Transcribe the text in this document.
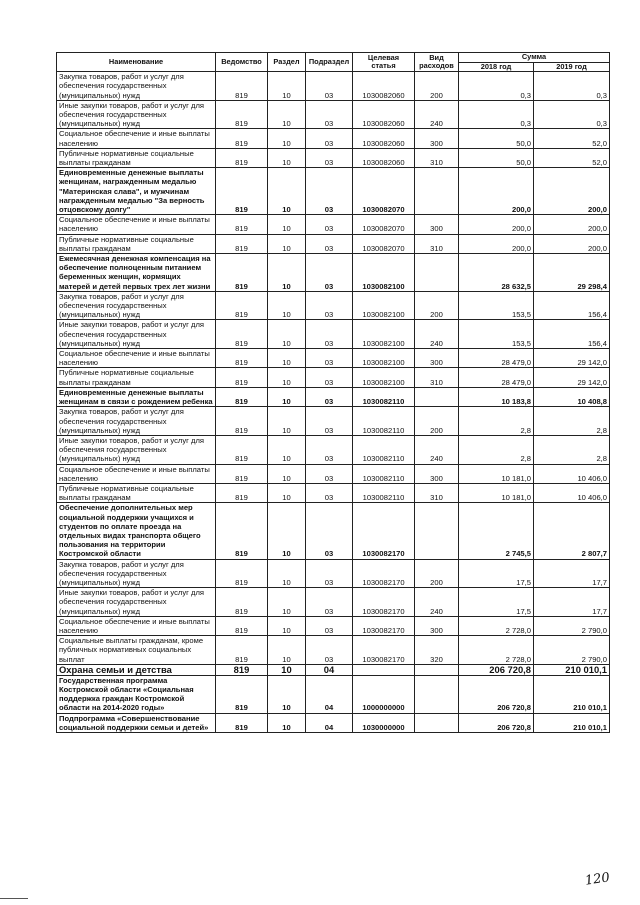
Наименование	Ведомство	Раздел	Подраздел	Целевая статья	Вид расходов	Сумма	
						2018 год	2019 год
Закупка товаров, работ и услуг для обеспечения государственных (муниципальных) нужд	819	10	03	1030082060	200	0,3	0,3
Иные закупки товаров, работ и услуг для обеспечения государственных (муниципальных) нужд	819	10	03	1030082060	240	0,3	0,3
Социальное обеспечение и иные выплаты населению	819	10	03	1030082060	300	50,0	52,0
Публичные нормативные социальные выплаты гражданам	819	10	03	1030082060	310	50,0	52,0
Единовременные денежные выплаты женщинам, награжденным медалью "Материнская слава", и мужчинам награжденным медалью "За верность отцовскому долгу"	819	10	03	1030082070		200,0	200,0
Социальное обеспечение и иные выплаты населению	819	10	03	1030082070	300	200,0	200,0
Публичные нормативные социальные выплаты гражданам	819	10	03	1030082070	310	200,0	200,0
Ежемесячная денежная компенсация на обеспечение полноценным питанием беременных женщин, кормящих матерей и детей первых трех лет жизни	819	10	03	1030082100		28 632,5	29 298,4
Закупка товаров, работ и услуг для обеспечения государственных (муниципальных) нужд	819	10	03	1030082100	200	153,5	156,4
Иные закупки товаров, работ и услуг для обеспечения государственных (муниципальных) нужд	819	10	03	1030082100	240	153,5	156,4
Социальное обеспечение и иные выплаты населению	819	10	03	1030082100	300	28 479,0	29 142,0
Публичные нормативные социальные выплаты гражданам	819	10	03	1030082100	310	28 479,0	29 142,0
Единовременные денежные выплаты женщинам в связи с рождением ребенка	819	10	03	1030082110		10 183,8	10 408,8
Закупка товаров, работ и услуг для обеспечения государственных (муниципальных) нужд	819	10	03	1030082110	200	2,8	2,8
Иные закупки товаров, работ и услуг для обеспечения государственных (муниципальных) нужд	819	10	03	1030082110	240	2,8	2,8
Социальное обеспечение и иные выплаты населению	819	10	03	1030082110	300	10 181,0	10 406,0
Публичные нормативные социальные выплаты гражданам	819	10	03	1030082110	310	10 181,0	10 406,0
Обеспечение дополнительных мер социальной поддержки учащихся и студентов по оплате проезда на отдельных видах транспорта общего пользования на территории Костромской области	819	10	03	1030082170		2 745,5	2 807,7
Закупка товаров, работ и услуг для обеспечения государственных (муниципальных) нужд	819	10	03	1030082170	200	17,5	17,7
Иные закупки товаров, работ и услуг для обеспечения государственных (муниципальных) нужд	819	10	03	1030082170	240	17,5	17,7
Социальное обеспечение и иные выплаты населению	819	10	03	1030082170	300	2 728,0	2 790,0
Социальные выплаты гражданам, кроме публичных нормативных социальных выплат	819	10	03	1030082170	320	2 728,0	2 790,0
Охрана семьи и детства	819	10	04			206 720,8	210 010,1
Государственная программа Костромской области «Социальная поддержка граждан Костромской области на 2014-2020 годы»	819	10	04	1000000000		206 720,8	210 010,1
Подпрограмма «Совершенствование социальной поддержки семьи и детей»	819	10	04	1030000000		206 720,8	210 010,1
120
